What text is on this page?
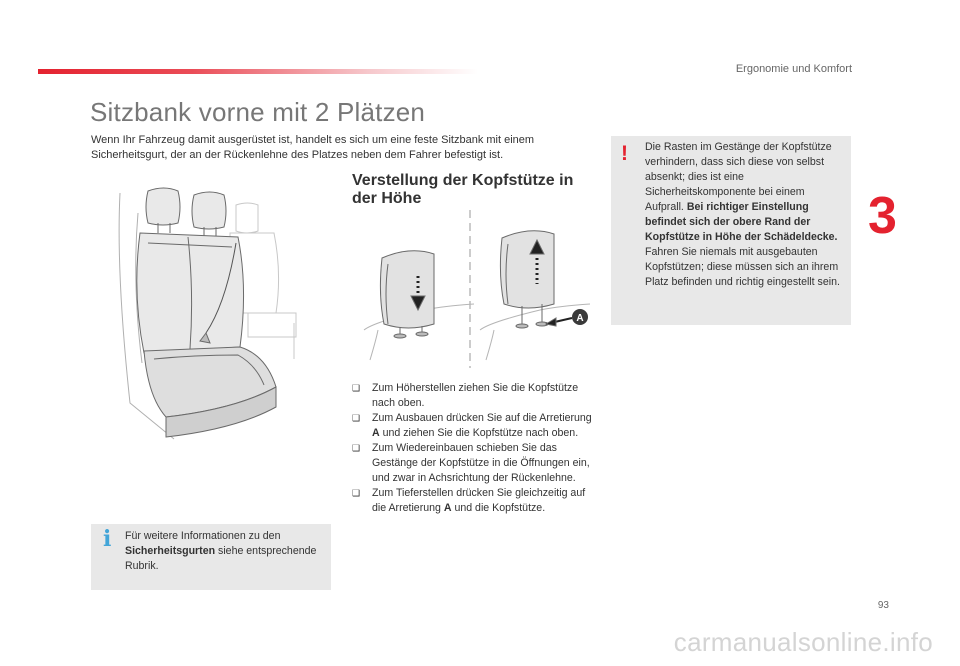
Ergonomie und Komfort
Sitzbank vorne mit 2 Plätzen
Wenn Ihr Fahrzeug damit ausgerüstet ist, handelt es sich um eine feste Sitzbank mit einem Sicherheitsgurt, der an der Rückenlehne des Platzes neben dem Fahrer befestigt ist.
Verstellung der Kopfstütze in der Höhe
A
❑ Zum Höherstellen ziehen Sie die Kopfstütze nach oben.
❑ Zum Ausbauen drücken Sie auf die Arretierung A und ziehen Sie die Kopfstütze nach oben.
❑ Zum Wiedereinbauen schieben Sie das Gestänge der Kopfstütze in die Öffnungen ein, und zwar in Achsrichtung der Rückenlehne.
❑ Zum Tieferstellen drücken Sie gleichzeitig auf die Arretierung A und die Kopfstütze.
! Die Rasten im Gestänge der Kopfstütze verhindern, dass sich diese von selbst absenkt; dies ist eine Sicherheitskomponente bei einem Aufprall. Bei richtiger Einstellung befindet sich der obere Rand der Kopfstütze in Höhe der Schädeldecke. Fahren Sie niemals mit ausgebauten Kopfstützen; diese müssen sich an ihrem Platz befinden und richtig eingestellt sein.
3
i Für weitere Informationen zu den Sicherheitsgurten siehe entsprechende Rubrik.
93
carmanualsonline.info
